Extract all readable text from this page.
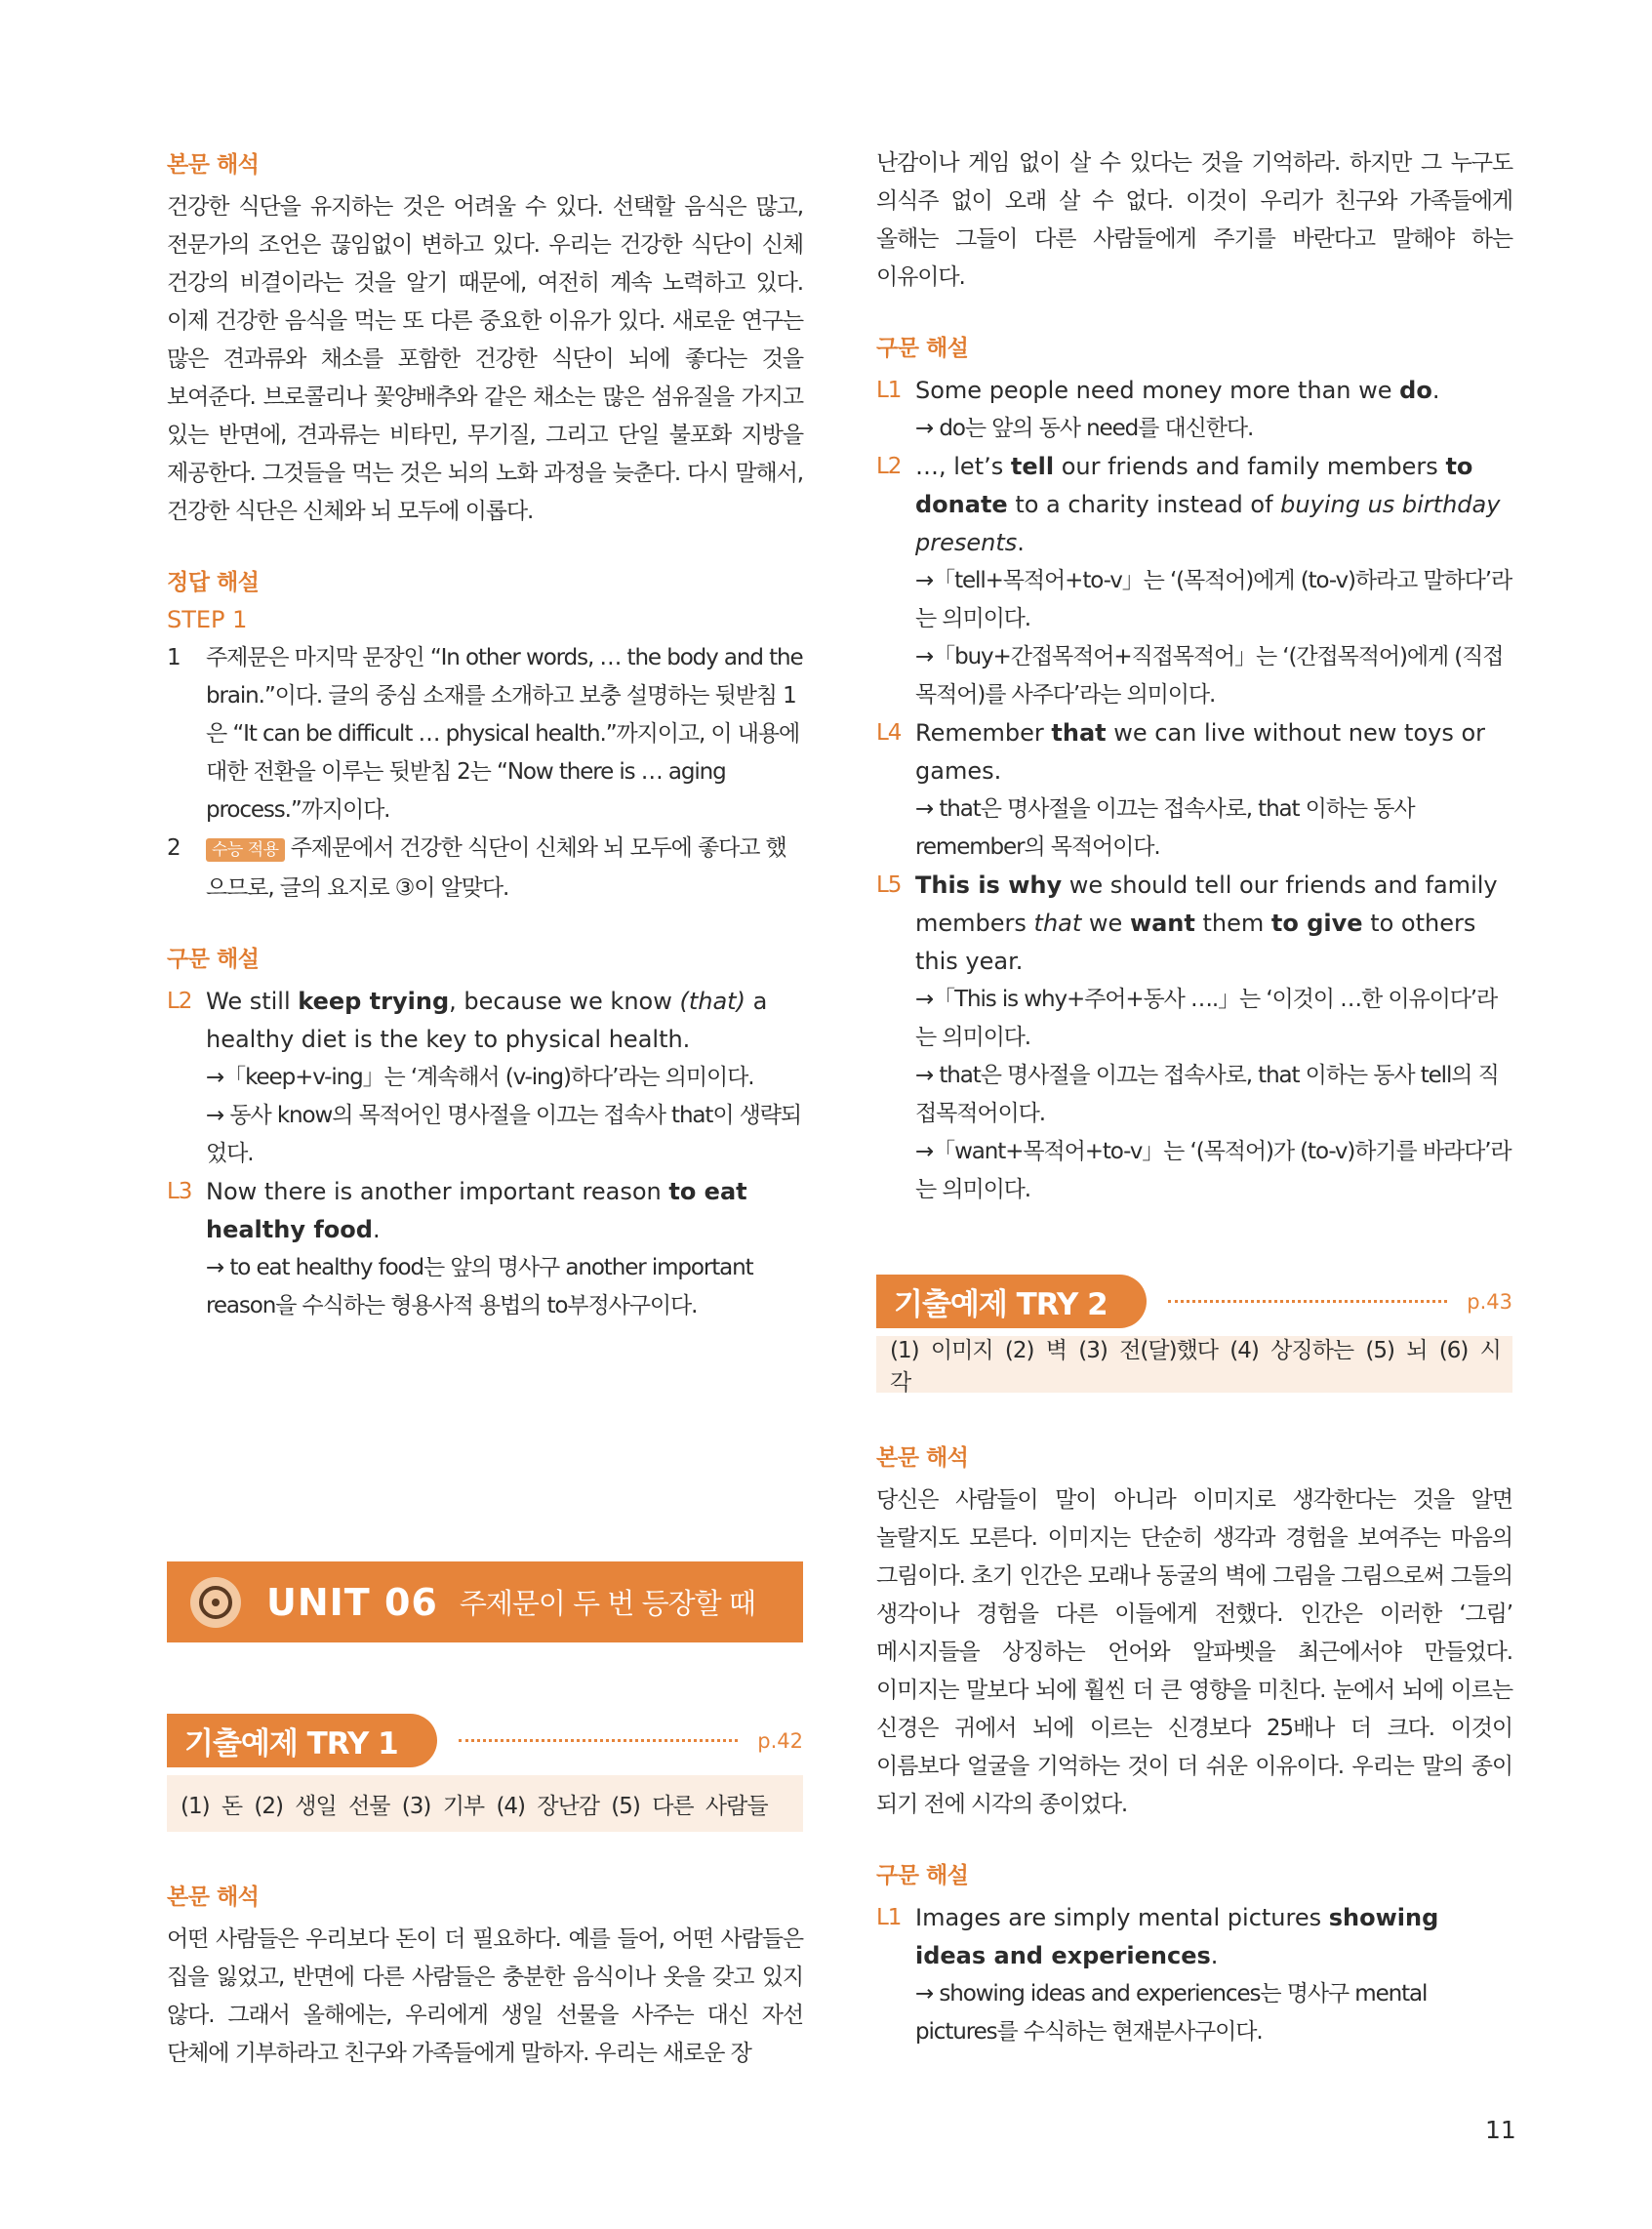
본문 해석

건강한 식단을 유지하는 것은 어려울 수 있다. 선택할 음식은 많고, 전문가의 조언은 끊임없이 변하고 있다. 우리는 건강한 식단이 신체 건강의 비결이라는 것을 알기 때문에, 여전히 계속 노력하고 있다. 이제 건강한 음식을 먹는 또 다른 중요한 이유가 있다. 새로운 연구는 많은 견과류와 채소를 포함한 건강한 식단이 뇌에 좋다는 것을 보여준다. 브로콜리나 꽃양배추와 같은 채소는 많은 섬유질을 가지고 있는 반면에, 견과류는 비타민, 무기질, 그리고 단일 불포화 지방을 제공한다. 그것들을 먹는 것은 뇌의 노화 과정을 늦춘다. 다시 말해서, 건강한 식단은 신체와 뇌 모두에 이롭다.

정답 해설
STEP 1
1 주제문은 마지막 문장인 “In other words, … the body and the brain.”이다. 글의 중심 소재를 소개하고 보충 설명하는 뒷받침 1은 “It can be difficult … physical health.”까지이고, 이 내용에 대한 전환을 이루는 뒷받침 2는 “Now there is … aging process.”까지이다.
2 수능 적용 주제문에서 건강한 식단이 신체와 뇌 모두에 좋다고 했으므로, 글의 요지로 ③이 알맞다.
구문 해설
L2 We still keep trying, because we know (that) a healthy diet is the key to physical health.
→「keep+v-ing」는 ‘계속해서 (v-ing)하다’라는 의미이다.
→ 동사 know의 목적어인 명사절을 이끄는 접속사 that이 생략되었다.
L3 Now there is another important reason to eat healthy food.
→ to eat healthy food는 앞의 명사구 another important reason을 수식하는 형용사적 용법의 to부정사구이다.
UNIT 06 주제문이 두 번 등장할 때
기출예제 TRY 1	p.42
(1) 돈 (2) 생일 선물 (3) 기부 (4) 장난감 (5) 다른 사람들
본문 해석

어떤 사람들은 우리보다 돈이 더 필요하다. 예를 들어, 어떤 사람들은 집을 잃었고, 반면에 다른 사람들은 충분한 음식이나 옷을 갖고 있지 않다. 그래서 올해에는, 우리에게 생일 선물을 사주는 대신 자선 단체에 기부하라고 친구와 가족들에게 말하자. 우리는 새로운 장

난감이나 게임 없이 살 수 있다는 것을 기억하라. 하지만 그 누구도 의식주 없이 오래 살 수 없다. 이것이 우리가 친구와 가족들에게 올해는 그들이 다른 사람들에게 주기를 바란다고 말해야 하는 이유이다.

구문 해설
L1 Some people need money more than we do.
→ do는 앞의 동사 need를 대신한다.
L2 …, let’s tell our friends and family members to donate to a charity instead of buying us birthday presents.
→「tell+목적어+to-v」는 ‘(목적어)에게 (to-v)하라고 말하다’라는 의미이다.
→「buy+간접목적어+직접목적어」는 ‘(간접목적어)에게 (직접목적어)를 사주다’라는 의미이다.
L4 Remember that we can live without new toys or games.
→ that은 명사절을 이끄는 접속사로, that 이하는 동사 remember의 목적어이다.
L5 This is why we should tell our friends and family members that we want them to give to others this year.
→「This is why+주어+동사 ….」는 ‘이것이 …한 이유이다’라는 의미이다.
→ that은 명사절을 이끄는 접속사로, that 이하는 동사 tell의 직접목적어이다.
→「want+목적어+to-v」는 ‘(목적어)가 (to-v)하기를 바라다’라는 의미이다.
기출예제 TRY 2	p.43
(1) 이미지 (2) 벽 (3) 전(달)했다 (4) 상징하는 (5) 뇌 (6) 시각
본문 해석

당신은 사람들이 말이 아니라 이미지로 생각한다는 것을 알면 놀랄지도 모른다. 이미지는 단순히 생각과 경험을 보여주는 마음의 그림이다. 초기 인간은 모래나 동굴의 벽에 그림을 그림으로써 그들의 생각이나 경험을 다른 이들에게 전했다. 인간은 이러한 ‘그림’ 메시지들을 상징하는 언어와 알파벳을 최근에서야 만들었다. 이미지는 말보다 뇌에 훨씬 더 큰 영향을 미친다. 눈에서 뇌에 이르는 신경은 귀에서 뇌에 이르는 신경보다 25배나 더 크다. 이것이 이름보다 얼굴을 기억하는 것이 더 쉬운 이유이다. 우리는 말의 종이 되기 전에 시각의 종이었다.

구문 해설
L1 Images are simply mental pictures showing ideas and experiences.
→ showing ideas and experiences는 명사구 mental pictures를 수식하는 현재분사구이다.
11
